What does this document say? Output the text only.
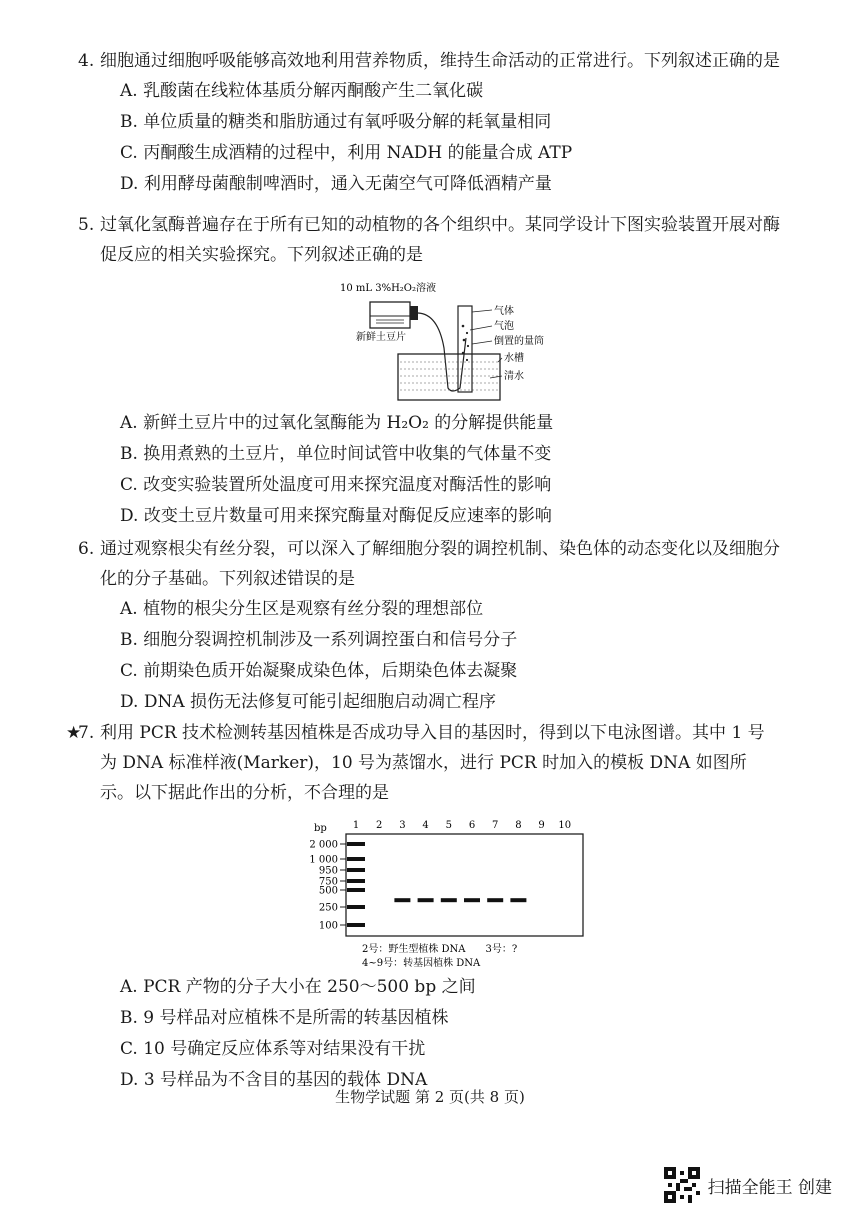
4. 细胞通过细胞呼吸能够高效地利用营养物质，维持生命活动的正常进行。下列叙述正确的是

A. 乳酸菌在线粒体基质分解丙酮酸产生二氧化碳

B. 单位质量的糖类和脂肪通过有氧呼吸分解的耗氧量相同

C. 丙酮酸生成酒精的过程中，利用 NADH 的能量合成 ATP

D. 利用酵母菌酿制啤酒时，通入无菌空气可降低酒精产量

5. 过氧化氢酶普遍存在于所有已知的动植物的各个组织中。某同学设计下图实验装置开展对酶促反应的相关实验探究。下列叙述正确的是

10 mL 3%H₂O₂溶液
新鲜土豆片
气体
气泡
倒置的量筒
水槽
清水

A. 新鲜土豆片中的过氧化氢酶能为 H₂O₂ 的分解提供能量

B. 换用煮熟的土豆片，单位时间试管中收集的气体量不变

C. 改变实验装置所处温度可用来探究温度对酶活性的影响

D. 改变土豆片数量可用来探究酶量对酶促反应速率的影响

6. 通过观察根尖有丝分裂，可以深入了解细胞分裂的调控机制、染色体的动态变化以及细胞分化的分子基础。下列叙述错误的是

A. 植物的根尖分生区是观察有丝分裂的理想部位

B. 细胞分裂调控机制涉及一系列调控蛋白和信号分子

C. 前期染色质开始凝聚成染色体，后期染色体去凝聚

D. DNA 损伤无法修复可能引起细胞启动凋亡程序

★
7. 利用 PCR 技术检测转基因植株是否成功导入目的基因时，得到以下电泳图谱。其中 1 号为 DNA 标准样液(Marker)，10 号为蒸馏水，进行 PCR 时加入的模板 DNA 如图所示。以下据此作出的分析，不合理的是

bp	1 2 3 4 5 6 7 8 9 10
2 000
1 000
950
750
500
250
100
2号：野生型植株 DNA　　3号：?
4~9号：转基因植株 DNA

A. PCR 产物的分子大小在 250～500 bp 之间

B. 9 号样品对应植株不是所需的转基因植株

C. 10 号确定反应体系等对结果没有干扰

D. 3 号样品为不含目的基因的载体 DNA

生物学试题 第 2 页(共 8 页)
扫描全能王 创建
